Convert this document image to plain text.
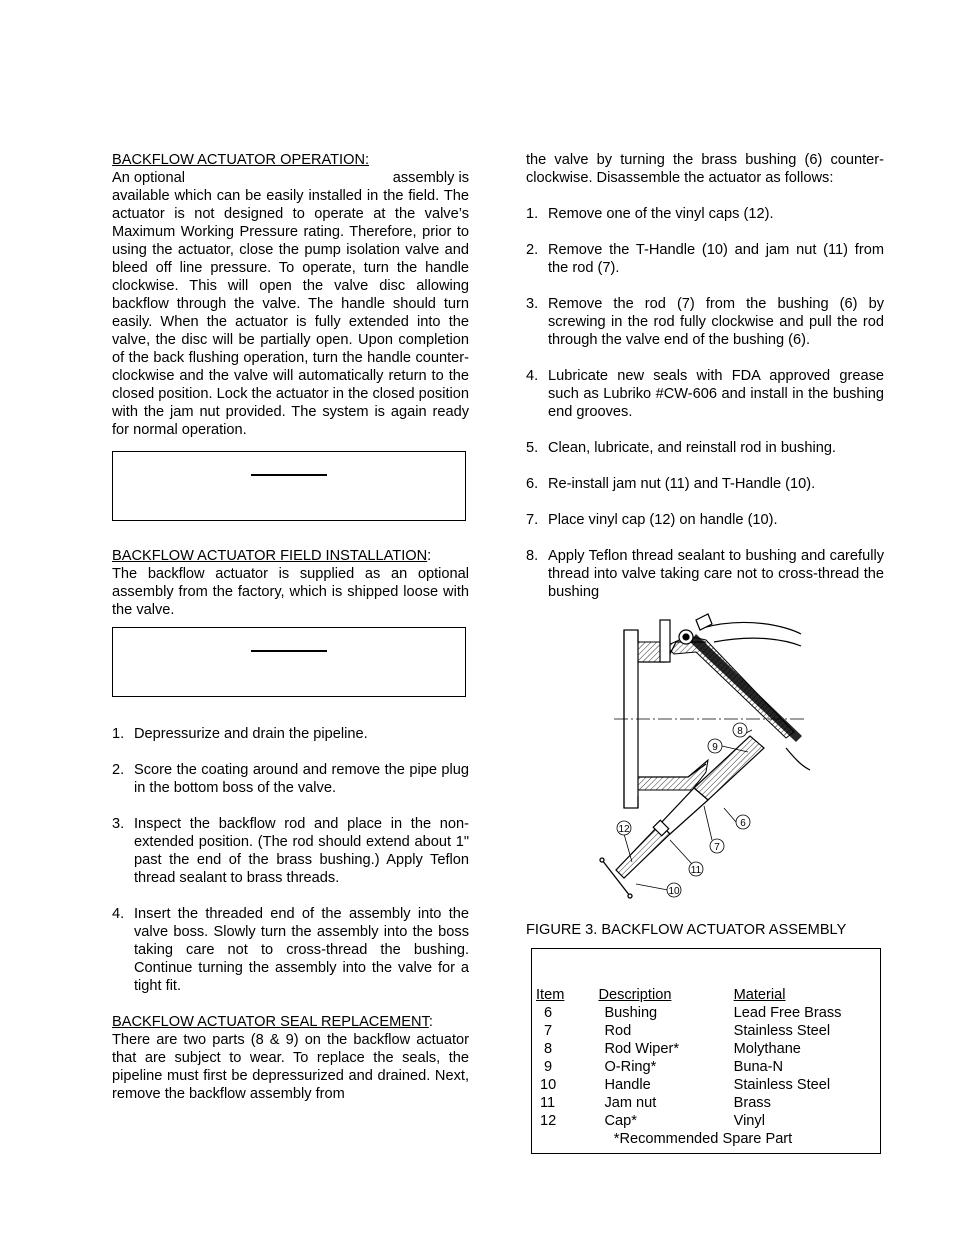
BACKFLOW ACTUATOR OPERATION:
An optional	assembly is
available which can be easily installed in the field. The actuator is not designed to operate at the valve’s Maximum Working Pressure rating. Therefore, prior to using the actuator, close the pump isolation valve and bleed off line pressure. To operate, turn the handle clockwise. This will open the valve disc allowing backflow through the valve. The handle should turn easily. When the actuator is fully extended into the valve, the disc will be partially open. Upon completion of the back flushing operation, turn the handle counter-clockwise and the valve will automatically return to the closed position. Lock the actuator in the closed position with the jam nut provided. The system is again ready for normal operation.
BACKFLOW ACTUATOR FIELD INSTALLATION:
The backflow actuator is supplied as an optional assembly from the factory, which is shipped loose with the valve.
1. Depressurize and drain the pipeline.
2. Score the coating around and remove the pipe plug in the bottom boss of the valve.
3. Inspect the backflow rod and place in the non-extended position. (The rod should extend about 1" past the end of the brass bushing.) Apply Teflon thread sealant to brass threads.
4. Insert the threaded end of the assembly into the valve boss. Slowly turn the assembly into the boss taking care not to cross-thread the bushing. Continue turning the assembly into the valve for a tight fit.
BACKFLOW ACTUATOR SEAL REPLACEMENT:
There are two parts (8 & 9) on the backflow actuator that are subject to wear. To replace the seals, the pipeline must first be depressurized and drained. Next, remove the backflow assembly from
the valve by turning the brass bushing (6) counter-clockwise. Disassemble the actuator as follows:
1. Remove one of the vinyl caps (12).
2. Remove the T-Handle (10) and jam nut (11) from the rod (7).
3. Remove the rod (7) from the bushing (6) by screwing in the rod fully clockwise and pull the rod through the valve end of the bushing (6).
4. Lubricate new seals with FDA approved grease such as Lubriko #CW-606 and install in the bushing end grooves.
5. Clean, lubricate, and reinstall rod in bushing.
6. Re-install jam nut (11) and T-Handle (10).
7. Place vinyl cap (12) on handle (10).
8. Apply Teflon thread sealant to bushing and carefully thread into valve taking care not to cross-thread the bushing
8
9
6
7
11
12
10
FIGURE 3. BACKFLOW ACTUATOR ASSEMBLY
Item	Description	Material
6	Bushing	Lead Free Brass
7	Rod	Stainless Steel
8	Rod Wiper*	Molythane
9	O-Ring*	Buna-N
10	Handle	Stainless Steel
11	Jam nut	Brass
12	Cap*	Vinyl
*Recommended Spare Part		
